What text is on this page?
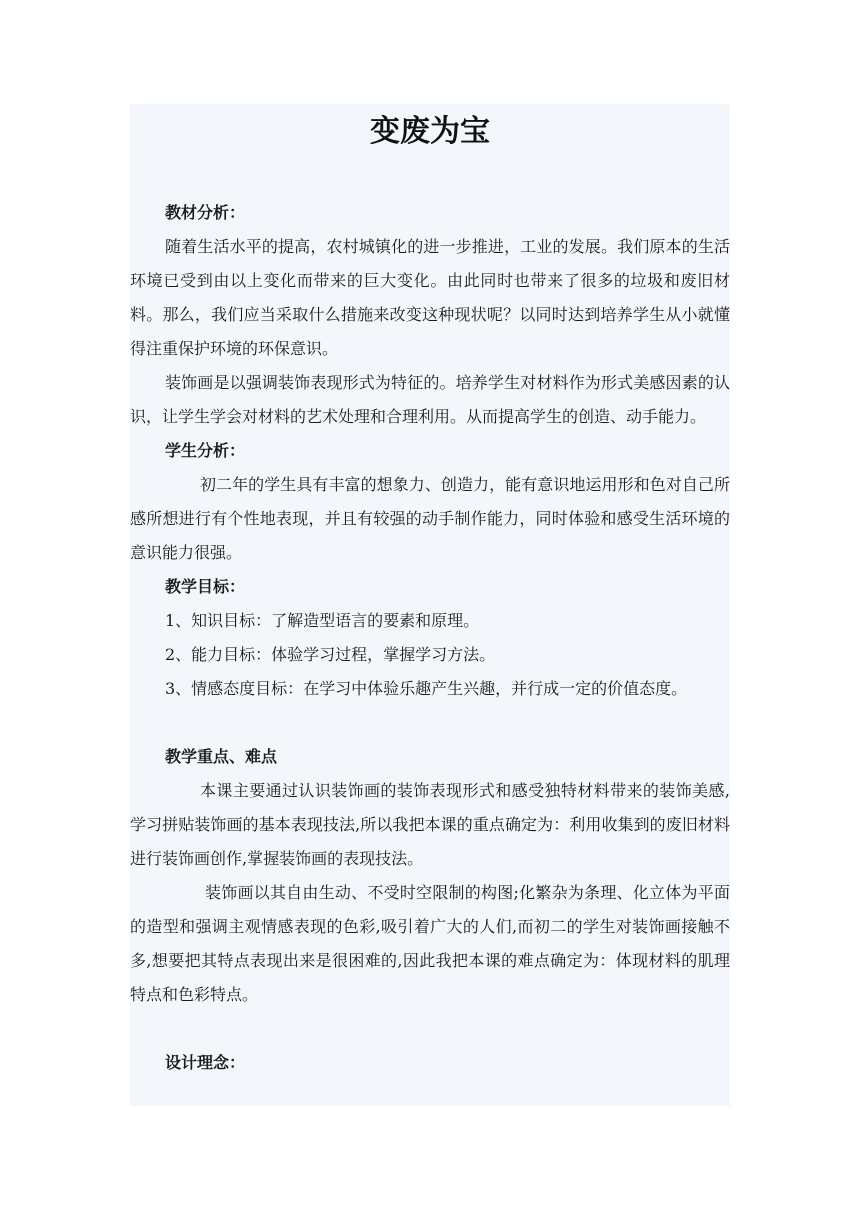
变废为宝

教材分析：

随着生活水平的提高，农村城镇化的进一步推进，工业的发展。我们原本的生活环境已受到由以上变化而带来的巨大变化。由此同时也带来了很多的垃圾和废旧材料。那么，我们应当采取什么措施来改变这种现状呢？以同时达到培养学生从小就懂得注重保护环境的环保意识。

装饰画是以强调装饰表现形式为特征的。培养学生对材料作为形式美感因素的认识，让学生学会对材料的艺术处理和合理利用。从而提高学生的创造、动手能力。

学生分析：

初二年的学生具有丰富的想象力、创造力，能有意识地运用形和色对自己所感所想进行有个性地表现，并且有较强的动手制作能力，同时体验和感受生活环境的意识能力很强。

教学目标：

1、知识目标：了解造型语言的要素和原理。

2、能力目标：体验学习过程，掌握学习方法。

3、情感态度目标：在学习中体验乐趣产生兴趣，并行成一定的价值态度。

教学重点、难点

本课主要通过认识装饰画的装饰表现形式和感受独特材料带来的装饰美感,学习拼贴装饰画的基本表现技法,所以我把本课的重点确定为：利用收集到的废旧材料进行装饰画创作,掌握装饰画的表现技法。

装饰画以其自由生动、不受时空限制的构图;化繁杂为条理、化立体为平面的造型和强调主观情感表现的色彩,吸引着广大的人们,而初二的学生对装饰画接触不多,想要把其特点表现出来是很困难的,因此我把本课的难点确定为：体现材料的肌理特点和色彩特点。

设计理念：
